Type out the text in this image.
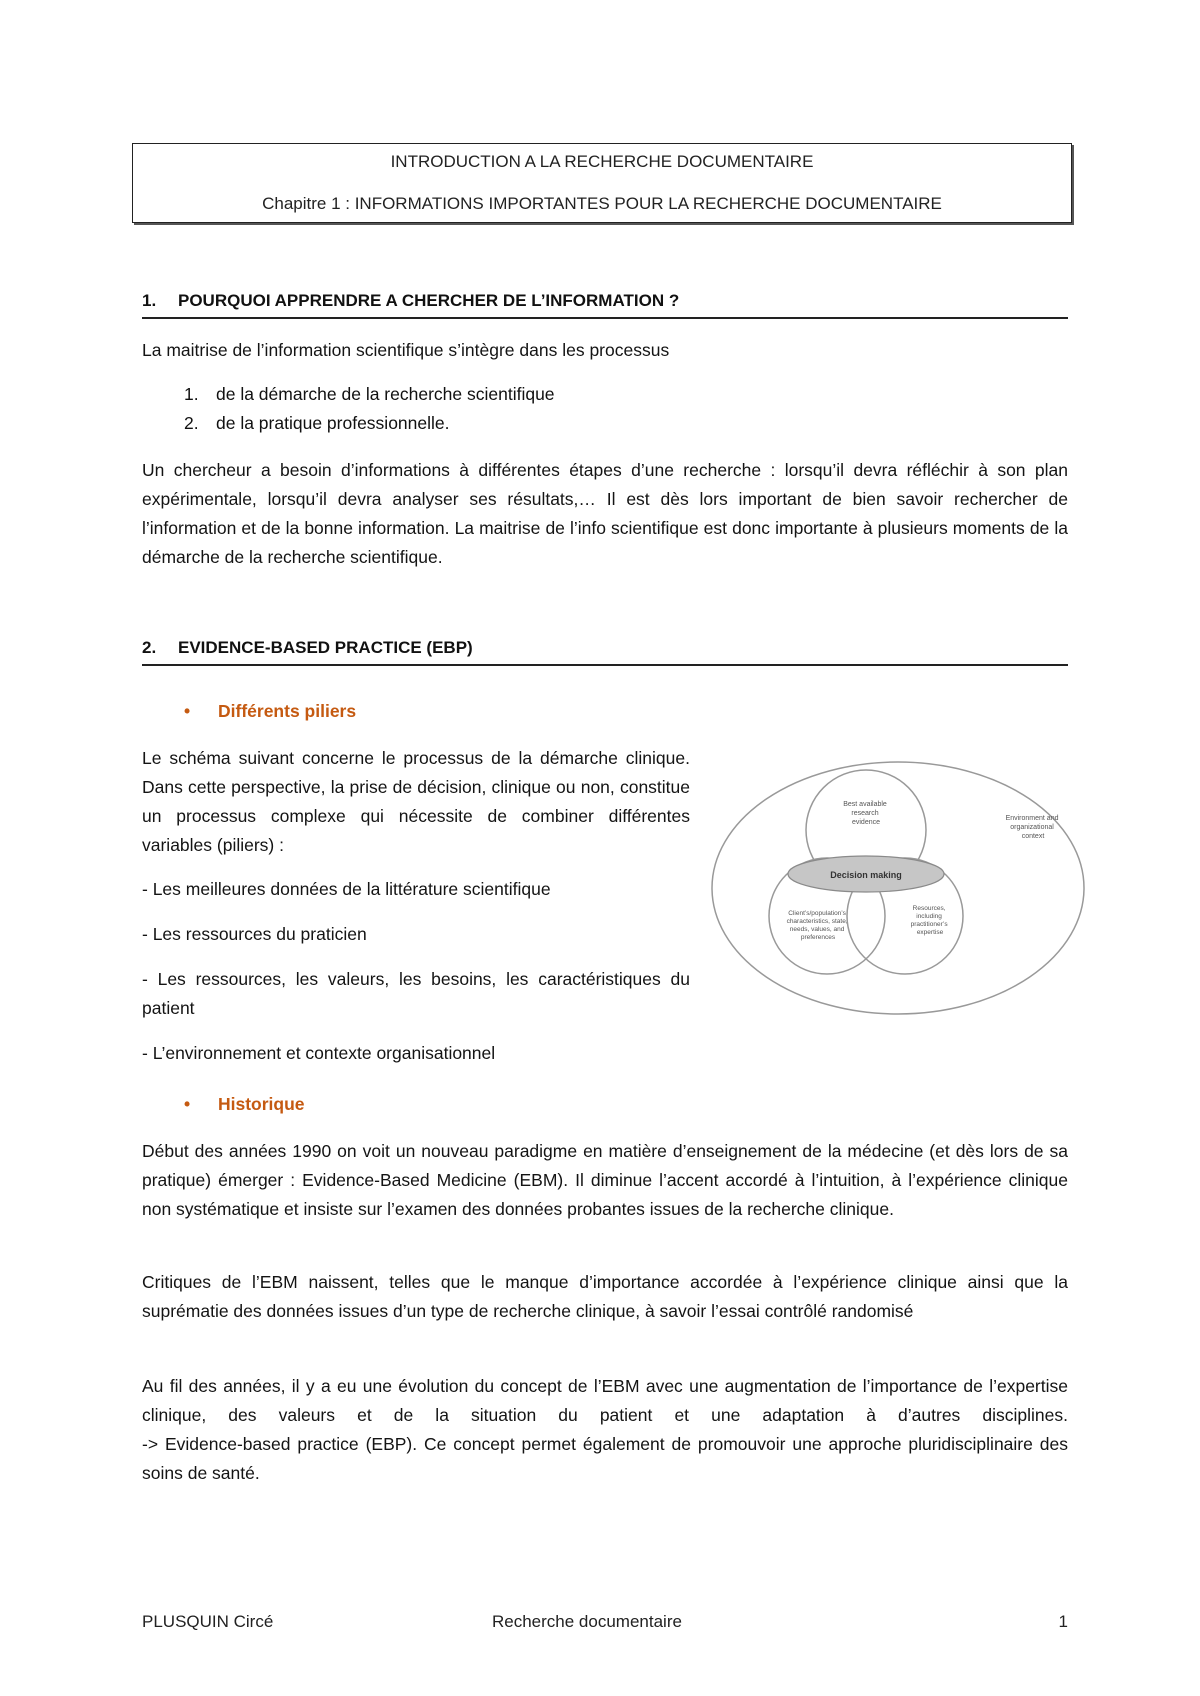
INTRODUCTION A LA RECHERCHE DOCUMENTAIRE
Chapitre 1 : INFORMATIONS IMPORTANTES POUR LA RECHERCHE DOCUMENTAIRE
1. POURQUOI APPRENDRE A CHERCHER DE L’INFORMATION ?
La maitrise de l’information scientifique s’intègre dans les processus
1. de la démarche de la recherche scientifique
2. de la pratique professionnelle.
Un chercheur a besoin d’informations à différentes étapes d’une recherche : lorsqu’il devra réfléchir à son plan expérimentale, lorsqu’il devra analyser ses résultats,… Il est dès lors important de bien savoir rechercher de l’information et de la bonne information. La maitrise de l’info scientifique est donc importante à plusieurs moments de la démarche de la recherche scientifique.
2. EVIDENCE-BASED PRACTICE (EBP)
• Différents piliers
Le schéma suivant concerne le processus de la démarche clinique. Dans cette perspective, la prise de décision, clinique ou non, constitue un processus complexe qui nécessite de combiner différentes variables (piliers) :
- Les meilleures données de la littérature scientifique
- Les ressources du praticien
- Les ressources, les valeurs, les besoins, les caractéristiques du patient
- L’environnement et contexte organisationnel
Decision making
Best available research evidence
Environment and organizational context
Client’s/population’s characteristics, state, needs, values, and preferences
Resources, including practitioner’s expertise
• Historique
Début des années 1990 on voit un nouveau paradigme en matière d’enseignement de la médecine (et dès lors de sa pratique) émerger : Evidence-Based Medicine (EBM). Il diminue l’accent accordé à l’intuition, à l’expérience clinique non systématique et insiste sur l’examen des données probantes issues de la recherche clinique.
Critiques de l’EBM naissent, telles que le manque d’importance accordée à l’expérience clinique ainsi que la suprématie des données issues d’un type de recherche clinique, à savoir l’essai contrôlé randomisé

Au fil des années, il y a eu une évolution du concept de l’EBM avec une augmentation de l’importance de l’expertise clinique, des valeurs et de la situation du patient et une adaptation à d’autres disciplines.

-> Evidence-based practice (EBP). Ce concept permet également de promouvoir une approche pluridisciplinaire des soins de santé.

PLUSQUIN Circé	Recherche documentaire	1
